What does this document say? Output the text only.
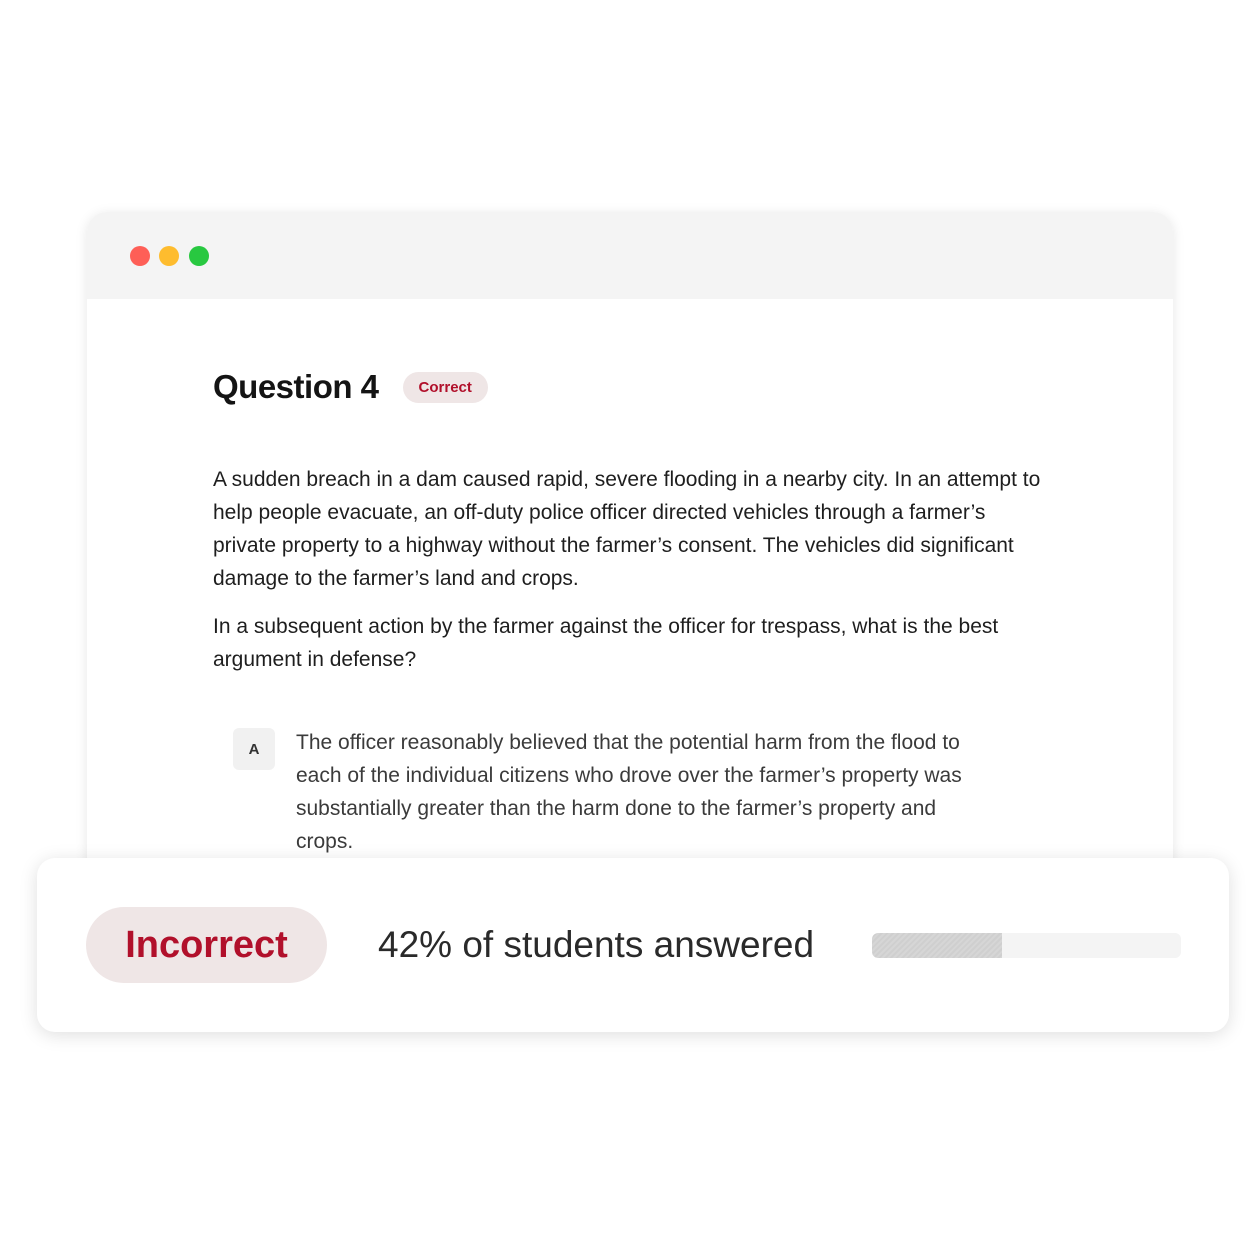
Question 4	Correct

A sudden breach in a dam caused rapid, severe flooding in a nearby city. In an attempt to help people evacuate, an off-duty police officer directed vehicles through a farmer’s private property to a highway without the farmer’s consent. The vehicles did significant damage to the farmer’s land and crops.

In a subsequent action by the farmer against the officer for trespass, what is the best argument in defense?

A	The officer reasonably believed that the potential harm from the flood to each of the individual citizens who drove over the farmer’s property was substantially greater than the harm done to the farmer’s property and crops.

Incorrect	42% of students answered
